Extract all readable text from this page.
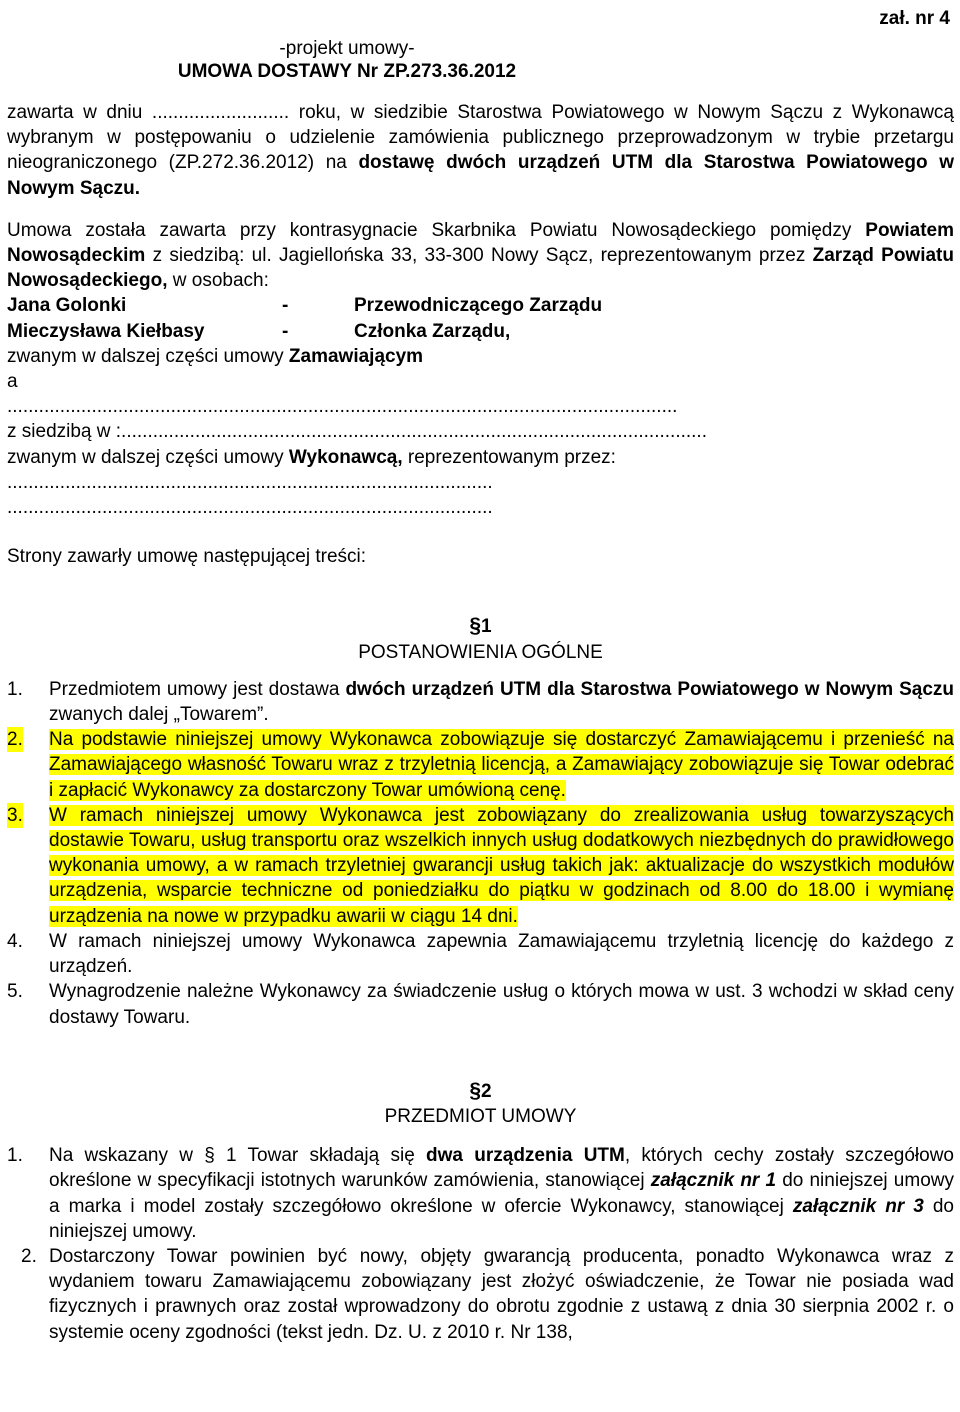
zał. nr 4
-projekt umowy-
UMOWA DOSTAWY Nr ZP.273.36.2012

zawarta w dniu .......................... roku, w siedzibie Starostwa Powiatowego w Nowym Sączu z Wykonawcą wybranym w postępowaniu o udzielenie zamówienia publicznego przeprowadzonym w trybie przetargu nieograniczonego (ZP.272.36.2012) na dostawę dwóch urządzeń UTM dla Starostwa Powiatowego w Nowym Sączu.

Umowa została zawarta przy kontrasygnacie Skarbnika Powiatu Nowosądeckiego pomiędzy Powiatem Nowosądeckim z siedzibą: ul. Jagiellońska 33, 33-300 Nowy Sącz, reprezentowanym przez Zarząd Powiatu Nowosądeckiego, w osobach:

Jana Golonki	-	Przewodniczącego Zarządu
Mieczysława Kiełbasy	-	Członka Zarządu,

zwanym w dalszej części umowy Zamawiającym

a

...............................................................................................................................

z siedzibą w :...............................................................................................................

zwanym w dalszej części umowy Wykonawcą, reprezentowanym przez:

............................................................................................

............................................................................................

Strony zawarły umowę następującej treści:

§1
POSTANOWIENIA OGÓLNE
1. Przedmiotem umowy jest dostawa dwóch urządzeń UTM dla Starostwa Powiatowego w Nowym Sączu zwanych dalej „Towarem”.
2. Na podstawie niniejszej umowy Wykonawca zobowiązuje się dostarczyć Zamawiającemu i przenieść na Zamawiającego własność Towaru wraz z trzyletnią licencją, a Zamawiający zobowiązuje się Towar odebrać i zapłacić Wykonawcy za dostarczony Towar umówioną cenę.
3. W ramach niniejszej umowy Wykonawca jest zobowiązany do zrealizowania usług towarzyszących dostawie Towaru, usług transportu oraz wszelkich innych usług dodatkowych niezbędnych do prawidłowego wykonania umowy, a w ramach trzyletniej gwarancji usług takich jak: aktualizacje do wszystkich modułów urządzenia, wsparcie techniczne od poniedziałku do piątku w godzinach od 8.00 do 18.00 i wymianę urządzenia na nowe w przypadku awarii w ciągu 14 dni.
4. W ramach niniejszej umowy Wykonawca zapewnia Zamawiającemu trzyletnią licencję do każdego z urządzeń.
5. Wynagrodzenie należne Wykonawcy za świadczenie usług o których mowa w ust. 3 wchodzi w skład ceny dostawy Towaru.
§2
PRZEDMIOT UMOWY
1. Na wskazany w § 1 Towar składają się dwa urządzenia UTM, których cechy zostały szczegółowo określone w specyfikacji istotnych warunków zamówienia, stanowiącej załącznik nr 1 do niniejszej umowy a marka i model zostały szczegółowo określone w ofercie Wykonawcy, stanowiącej załącznik nr 3 do niniejszej umowy.
2. Dostarczony Towar powinien być nowy, objęty gwarancją producenta, ponadto Wykonawca wraz z wydaniem towaru Zamawiającemu zobowiązany jest złożyć oświadczenie, że Towar nie posiada wad fizycznych i prawnych oraz został wprowadzony do obrotu zgodnie z ustawą z dnia 30 sierpnia 2002 r. o systemie oceny zgodności (tekst jedn. Dz. U. z 2010 r. Nr 138,
